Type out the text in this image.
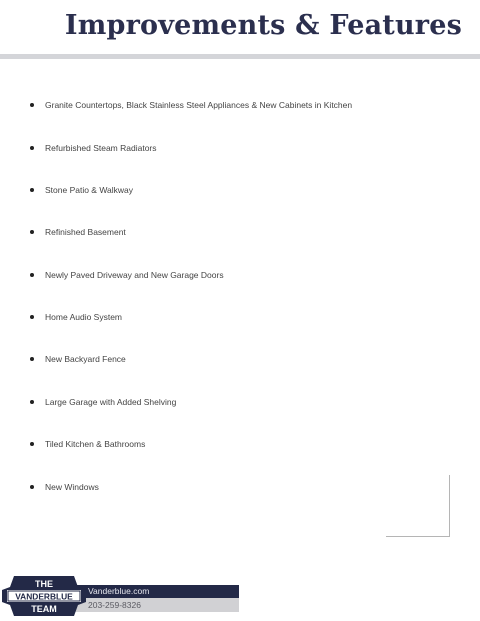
Improvements & Features
Granite Countertops, Black Stainless Steel Appliances & New Cabinets in Kitchen
Refurbished Steam Radiators
Stone Patio & Walkway
Refinished Basement
Newly Paved Driveway and New Garage Doors
Home Audio System
New Backyard Fence
Large Garage with Added Shelving
Tiled Kitchen & Bathrooms
New Windows
Vanderblue.com
203-259-8326
THE
VANDERBLUE
TEAM
